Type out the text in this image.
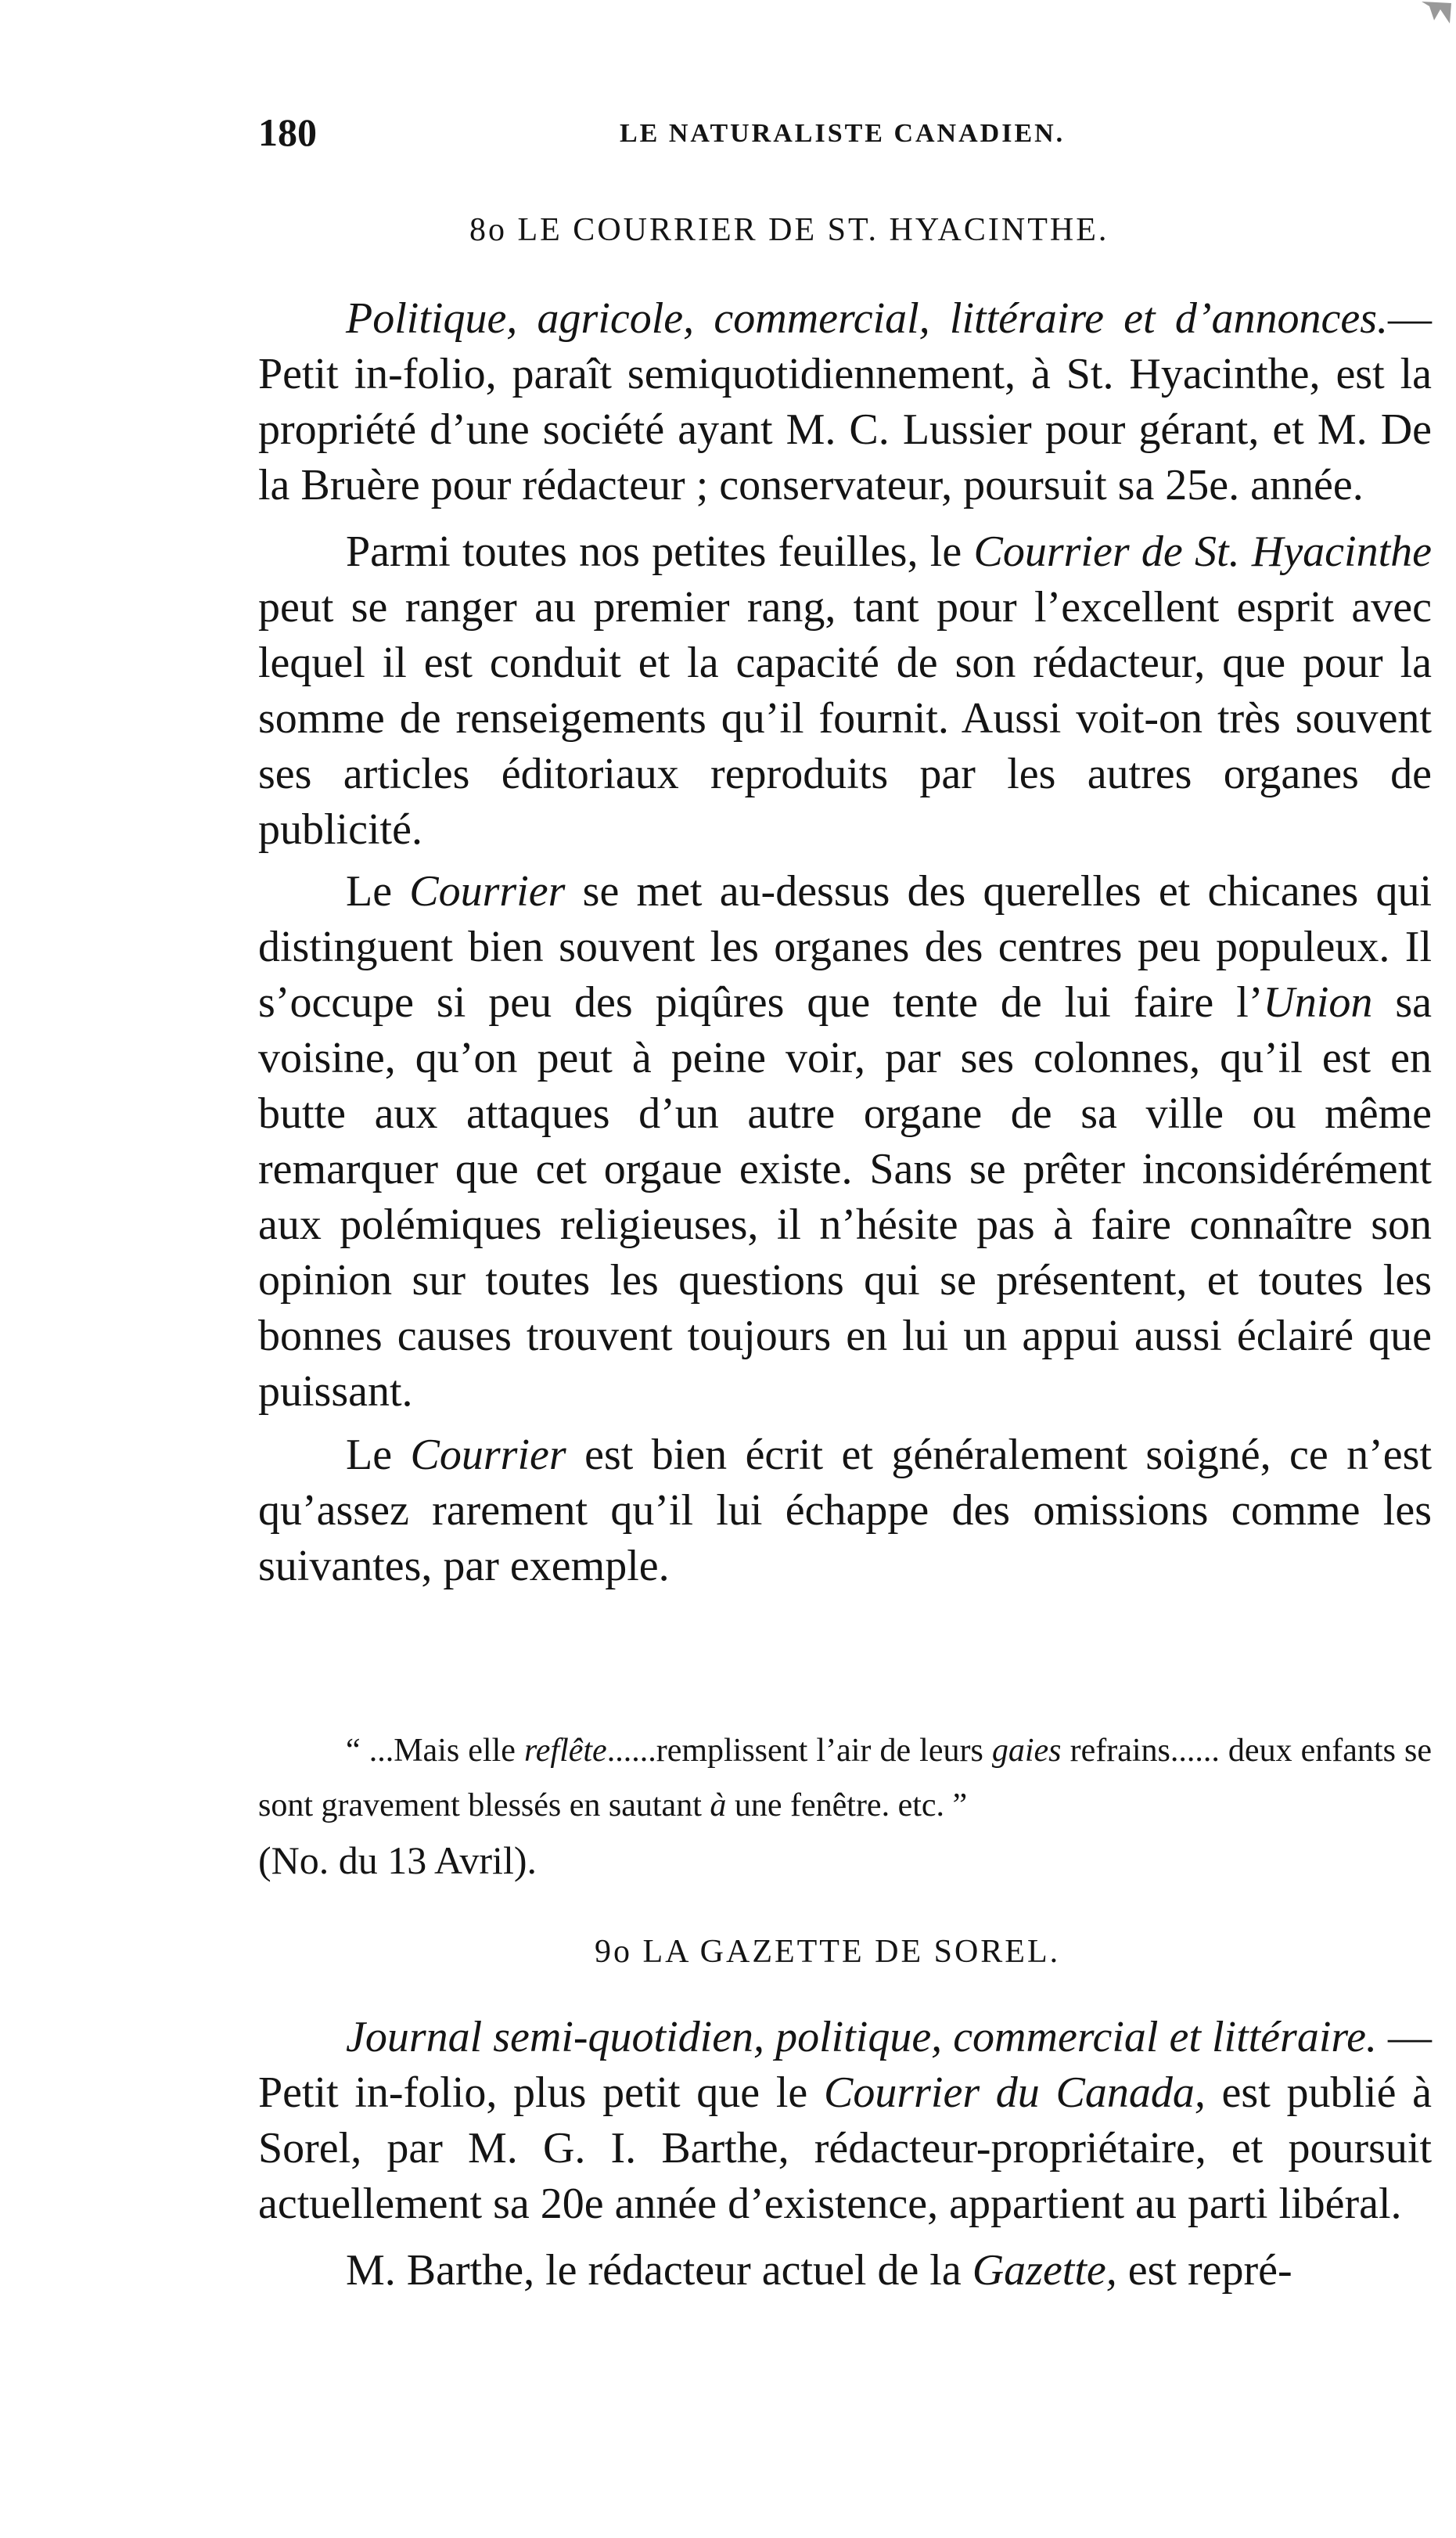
180	LE NATURALISTE CANADIEN.
8o LE COURRIER DE ST. HYACINTHE.

Politique, agricole, commercial, littéraire et d’annonces.— Petit in-folio, paraît semiquotidiennement, à St. Hyacinthe, est la propriété d’une société ayant M. C. Lussier pour gérant, et M. De la Bruère pour rédacteur ; conservateur, poursuit sa 25e. année.

Parmi toutes nos petites feuilles, le Courrier de St. Hyacinthe peut se ranger au premier rang, tant pour l’excellent esprit avec lequel il est conduit et la capacité de son rédacteur, que pour la somme de renseigements qu’il fournit. Aussi voit-on très souvent ses articles éditoriaux reproduits par les autres organes de publicité.

Le Courrier se met au-dessus des querelles et chicanes qui distinguent bien souvent les organes des centres peu populeux. Il s’occupe si peu des piqûres que tente de lui faire l’Union sa voisine, qu’on peut à peine voir, par ses colonnes, qu’il est en butte aux attaques d’un autre organe de sa ville ou même remarquer que cet orgaue existe. Sans se prêter inconsidérément aux polémiques religieuses, il n’hésite pas à faire connaître son opinion sur toutes les questions qui se présentent, et toutes les bonnes causes trouvent toujours en lui un appui aussi éclairé que puissant.

Le Courrier est bien écrit et généralement soigné, ce n’est qu’assez rarement qu’il lui échappe des omissions comme les suivantes, par exemple.

“ ...Mais elle reflête......remplissent l’air de leurs gaies refrains...... deux enfants se sont gravement blessés en sautant à une fenêtre. etc. ”
(No. du 13 Avril).
9o LA GAZETTE DE SOREL.

Journal semi-quotidien, politique, commercial et littéraire. — Petit in-folio, plus petit que le Courrier du Canada, est publié à Sorel, par M. G. I. Barthe, rédacteur-propriétaire, et poursuit actuellement sa 20e année d’existence, appartient au parti libéral.

M. Barthe, le rédacteur actuel de la Gazette, est repré-
